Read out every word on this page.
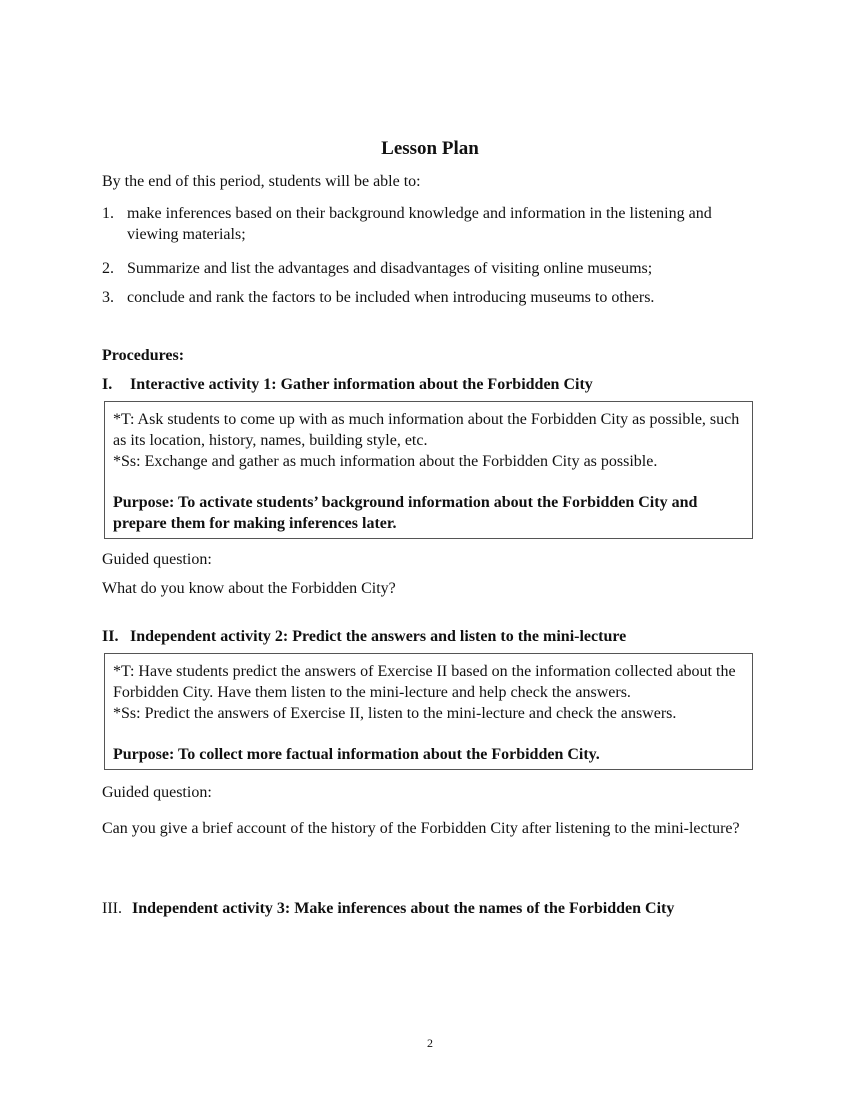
Lesson Plan
By the end of this period, students will be able to:
1. make inferences based on their background knowledge and information in the listening and viewing materials;
2. Summarize and list the advantages and disadvantages of visiting online museums;
3. conclude and rank the factors to be included when introducing museums to others.
Procedures:
I. Interactive activity 1: Gather information about the Forbidden City
*T: Ask students to come up with as much information about the Forbidden City as possible, such as its location, history, names, building style, etc.
*Ss: Exchange and gather as much information about the Forbidden City as possible.
Purpose: To activate students’ background information about the Forbidden City and prepare them for making inferences later.
Guided question:
What do you know about the Forbidden City?
II. Independent activity 2: Predict the answers and listen to the mini-lecture
*T: Have students predict the answers of Exercise II based on the information collected about the Forbidden City. Have them listen to the mini-lecture and help check the answers.
*Ss: Predict the answers of Exercise II, listen to the mini-lecture and check the answers.
Purpose: To collect more factual information about the Forbidden City.
Guided question:
Can you give a brief account of the history of the Forbidden City after listening to the mini-lecture?
III. Independent activity 3: Make inferences about the names of the Forbidden City
2
